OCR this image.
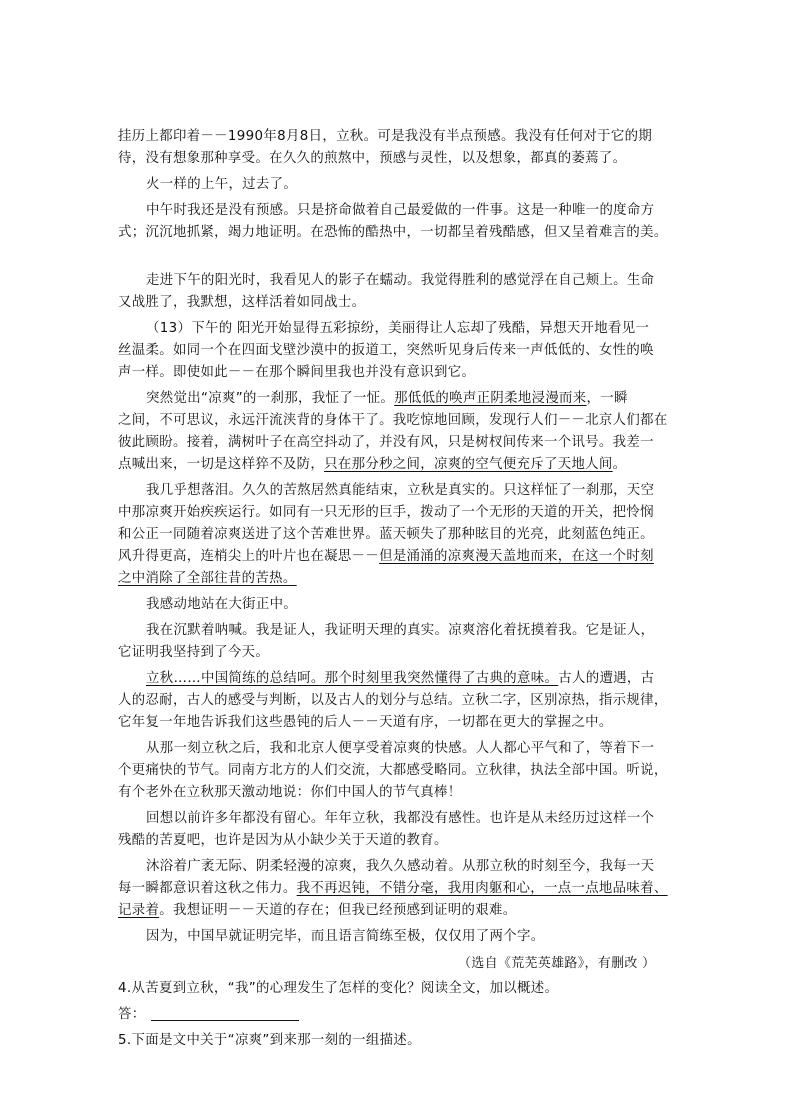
挂历上都印着－－1990年8月8日，立秋。可是我没有半点预感。我没有任何对于它的期
待，没有想象那种享受。在久久的煎熬中，预感与灵性，以及想象，都真的萎蔫了。
火一样的上午，过去了。
中午时我还是没有预感。只是挤命做着自己最爱做的一件事。这是一种唯一的度命方
式；沉沉地抓紧，竭力地证明。在恐怖的酷热中，一切都呈着残酷感，但又呈着难言的美。
走进下午的阳光时，我看见人的影子在蠕动。我觉得胜利的感觉浮在自己颊上。生命
又战胜了，我默想，这样活着如同战士。
（13）下午的 阳光开始显得五彩掠纷，美丽得让人忘却了残酷，异想天开地看见一
丝温柔。如同一个在四面戈壁沙漠中的扳道工，突然听见身后传来一声低低的、女性的唤
声一样。即使如此－－在那个瞬间里我也并没有意识到它。
突然觉出“凉爽”的一刹那，我怔了一怔。那低低的唤声正阴柔地浸漫而来，一瞬
之间，不可思议，永远汗流浃背的身体干了。我吃惊地回顾，发现行人们－－北京人们都在
彼此顾盼。接着，满树叶子在高空抖动了，并没有风，只是树杈间传来一个讯号。我差一
点喊出来，一切是这样猝不及防，只在那分秒之间，凉爽的空气便充斥了天地人间。
我几乎想落泪。久久的苦熬居然真能结束，立秋是真实的。只这样怔了一刹那，天空
中那凉爽开始疾疾运行。如同有一只无形的巨手，拨动了一个无形的天道的开关，把怜悯
和公正一同随着凉爽送进了这个苦难世界。蓝天顿失了那种眩目的光亮，此刻蓝色纯正。
风升得更高，连梢尖上的叶片也在凝思－－但是涌涌的凉爽漫天盖地而来，在这一个时刻
之中消除了全部往昔的苦热。
我感动地站在大街正中。
我在沉默着呐喊。我是证人，我证明天理的真实。凉爽溶化着抚摸着我。它是证人，
它证明我坚持到了今天。
立秋……中国简练的总结呵。那个时刻里我突然懂得了古典的意味。古人的遭遇，古
人的忍耐，古人的感受与判断，以及古人的划分与总结。立秋二字，区别凉热，指示规律，
它年复一年地告诉我们这些愚钝的后人－－天道有序，一切都在更大的掌握之中。
从那一刻立秋之后，我和北京人便享受着凉爽的快感。人人都心平气和了，等着下一
个更痛快的节气。同南方北方的人们交流，大都感受略同。立秋律，执法全部中国。听说，
有个老外在立秋那天激动地说：你们中国人的节气真棒！
回想以前许多年都没有留心。年年立秋，我都没有感性。也许是从未经历过这样一个
残酷的苦夏吧，也许是因为从小缺少关于天道的教育。
沐浴着广袤无际、阴柔轻漫的凉爽，我久久感动着。从那立秋的时刻至今，我每一天
每一瞬都意识着这秋之伟力。我不再迟钝，不错分毫，我用肉躯和心，一点一点地品味着、
记录着。我想证明－－天道的存在；但我已经预感到证明的艰难。
因为，中国早就证明完毕，而且语言简练至极，仅仅用了两个字。
（选自《荒芜英雄路》，有删改 ）
4.从苦夏到立秋，“我”的心理发生了怎样的变化？阅读全文，加以概述。
答：
5.下面是文中关于“凉爽”到来那一刻的一组描述。
